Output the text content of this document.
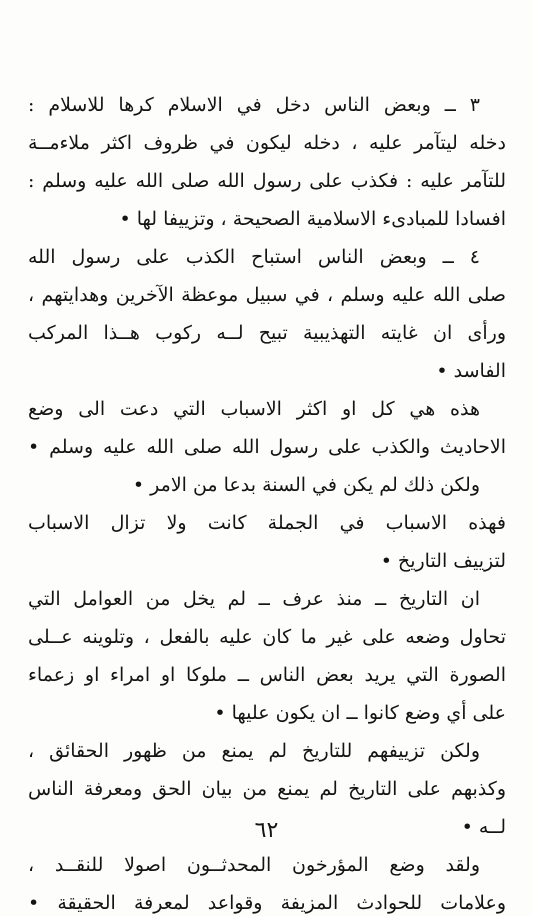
٣ ــ وبعض الناس دخل في الاسلام كرها للاسلام :
دخله ليتآمر عليه ، دخله ليكون في ظروف اكثر ملاءمــة
للتآمر عليه : فكذب على رسول الله صلى الله عليه وسلم :
افسادا للمبادىء الاسلامية الصحيحة ، وتزييفا لها •
٤ ــ وبعض الناس استباح الكذب على رسول الله
صلى الله عليه وسلم ، في سبيل موعظة الآخرين وهدايتهم ،
ورأى ان غايته التهذيبية تبيح لــه ركوب هــذا المركب
الفاسد •
هذه هي كل او اكثر الاسباب التي دعت الى وضع
الاحاديث والكذب على رسول الله صلى الله عليه وسلم •
ولكن ذلك لم يكن في السنة بدعا من الامر •
فهذه الاسباب في الجملة كانت ولا تزال الاسباب
لتزييف التاريخ •
ان التاريخ ــ منذ عرف ــ لم يخل من العوامل التي
تحاول وضعه على غير ما كان عليه بالفعل ، وتلوينه عــلى
الصورة التي يريد بعض الناس ــ ملوكا او امراء او زعماء
على أي وضع كانوا ــ ان يكون عليها •
ولكن تزييفهم للتاريخ لم يمنع من ظهور الحقائق ،
وكذبهم على التاريخ لم يمنع من بيان الحق ومعرفة الناس
لــه •
ولقد وضع المؤرخون المحدثــون اصولا للنقــد ،
وعلامات للحوادث المزيفة وقواعد لمعرفة الحقيقة •
٦٢
